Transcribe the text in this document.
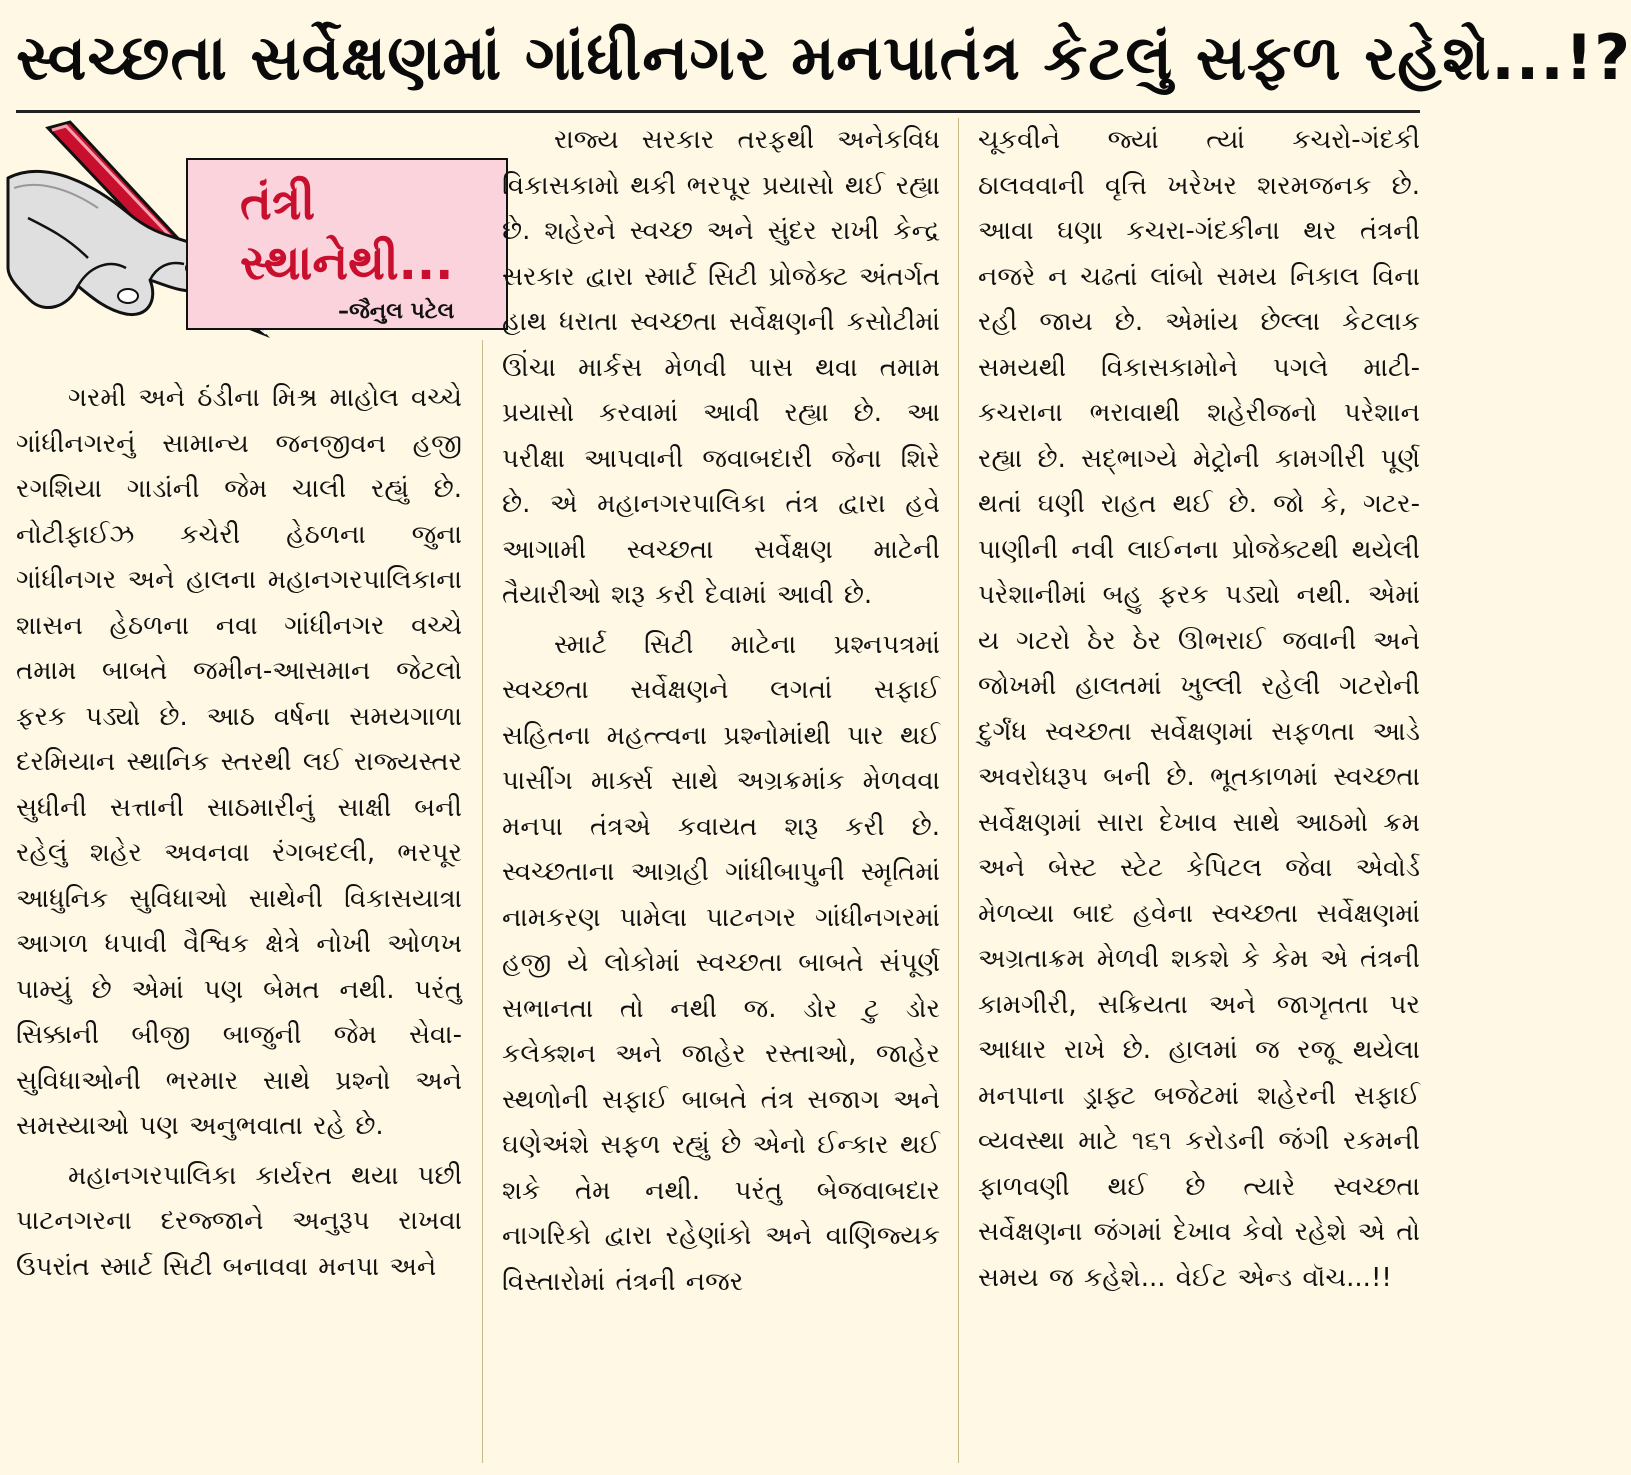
સ્વચ્છતા સર્વેક્ષણમાં ગાંધીનગર મનપાતંત્ર કેટલું સફળ રહેશે...!?
તંત્રી
સ્થાનેથી...
–જૈનુલ પટેલ

ગરમી અને ઠંડીના મિશ્ર માહોલ વચ્ચે ગાંધીનગરનું સામાન્ય જનજીવન હજી રગશિયા ગાડાંની જેમ ચાલી રહ્યું છે. નોટીફાઈઝ કચેરી હેઠળના જુના ગાંધીનગર અને હાલના મહાનગરપાલિકાના શાસન હેઠળના નવા ગાંધીનગર વચ્ચે તમામ બાબતે જમીન-આસમાન જેટલો ફરક પડ્યો છે. આઠ વર્ષના સમયગાળા દરમિયાન સ્થાનિક સ્તરથી લઈ રાજ્યસ્તર સુધીની સત્તાની સાઠમારીનું સાક્ષી બની રહેલું શહેર અવનવા રંગબદલી, ભરપૂર આધુનિક સુવિધાઓ સાથેની વિકાસયાત્રા આગળ ધપાવી વૈશ્વિક ક્ષેત્રે નોખી ઓળખ પામ્યું છે એમાં પણ બેમત નથી. પરંતુ સિક્કાની બીજી બાજુની જેમ સેવા-સુવિધાઓની ભરમાર સાથે પ્રશ્નો અને સમસ્યાઓ પણ અનુભવાતા રહે છે.

મહાનગરપાલિકા કાર્યરત થયા પછી પાટનગરના દરજ્જાને અનુરૂપ રાખવા ઉપરાંત સ્માર્ટ સિટી બનાવવા મનપા અને

રાજ્ય સરકાર તરફથી અનેકવિધ વિકાસકામો થકી ભરપૂર પ્રયાસો થઈ રહ્યા છે. શહેરને સ્વચ્છ અને સુંદર રાખી કેન્દ્ર સરકાર દ્વારા સ્માર્ટ સિટી પ્રોજેક્ટ અંતર્ગત હાથ ધરાતા સ્વચ્છતા સર્વેક્ષણની કસોટીમાં ઊંચા માર્કસ મેળવી પાસ થવા તમામ પ્રયાસો કરવામાં આવી રહ્યા છે. આ પરીક્ષા આપવાની જવાબદારી જેના શિરે છે. એ મહાનગરપાલિકા તંત્ર દ્વારા હવે આગામી સ્વચ્છતા સર્વેક્ષણ માટેની તૈયારીઓ શરૂ કરી દેવામાં આવી છે.

સ્માર્ટ સિટી માટેના પ્રશ્નપત્રમાં સ્વચ્છતા સર્વેક્ષણને લગતાં સફાઈ સહિતના મહત્ત્વના પ્રશ્નોમાંથી પાર થઈ પાસીંગ માર્ક્સ સાથે અગ્રક્રમાંક મેળવવા મનપા તંત્રએ કવાયત શરૂ કરી છે. સ્વચ્છતાના આગ્રહી ગાંધીબાપુની સ્મૃતિમાં નામકરણ પામેલા પાટનગર ગાંધીનગરમાં હજી યે લોકોમાં સ્વચ્છતા બાબતે સંપૂર્ણ સભાનતા તો નથી જ. ડોર ટુ ડોર કલેક્શન અને જાહેર રસ્તાઓ, જાહેર સ્થળોની સફાઈ બાબતે તંત્ર સજાગ અને ઘણેઅંશે સફળ રહ્યું છે એનો ઈન્કાર થઈ શકે તેમ નથી. પરંતુ બેજવાબદાર નાગરિકો દ્વારા રહેણાંકો અને વાણિજ્યક વિસ્તારોમાં તંત્રની નજર

ચૂકવીને જ્યાં ત્યાં કચરો-ગંદકી ઠાલવવાની વૃત્તિ ખરેખર શરમજનક છે. આવા ઘણા કચરા-ગંદકીના થર તંત્રની નજરે ન ચઢતાં લાંબો સમય નિકાલ વિના રહી જાય છે. એમાંય છેલ્લા કેટલાક સમયથી વિકાસકામોને પગલે માટી-કચરાના ભરાવાથી શહેરીજનો પરેશાન રહ્યા છે. સદ્ભાગ્યે મેટ્રોની કામગીરી પૂર્ણ થતાં ઘણી રાહત થઈ છે. જો કે, ગટર-પાણીની નવી લાઈનના પ્રોજેક્ટથી થયેલી પરેશાનીમાં બહુ ફરક પડ્યો નથી. એમાં ય ગટરો ઠેર ઠેર ઊભરાઈ જવાની અને જોખમી હાલતમાં ખુલ્લી રહેલી ગટરોની દુર્ગંધ સ્વચ્છતા સર્વેક્ષણમાં સફળતા આડે અવરોધરૂપ બની છે. ભૂતકાળમાં સ્વચ્છતા સર્વેક્ષણમાં સારા દેખાવ સાથે આઠમો ક્રમ અને બેસ્ટ સ્ટેટ કેપિટલ જેવા એવોર્ડ મેળવ્યા બાદ હવેના સ્વચ્છતા સર્વેક્ષણમાં અગ્રતાક્રમ મેળવી શકશે કે કેમ એ તંત્રની કામગીરી, સક્રિયતા અને જાગૃતતા પર આધાર રાખે છે. હાલમાં જ રજૂ થયેલા મનપાના ડ્રાફ્ટ બજેટમાં શહેરની સફાઈ વ્યવસ્થા માટે ૧૬૧ કરોડની જંગી રકમની ફાળવણી થઈ છે ત્યારે સ્વચ્છતા સર્વેક્ષણના જંગમાં દેખાવ કેવો રહેશે એ તો સમય જ કહેશે... વેઈટ એન્ડ વૉચ...!!
